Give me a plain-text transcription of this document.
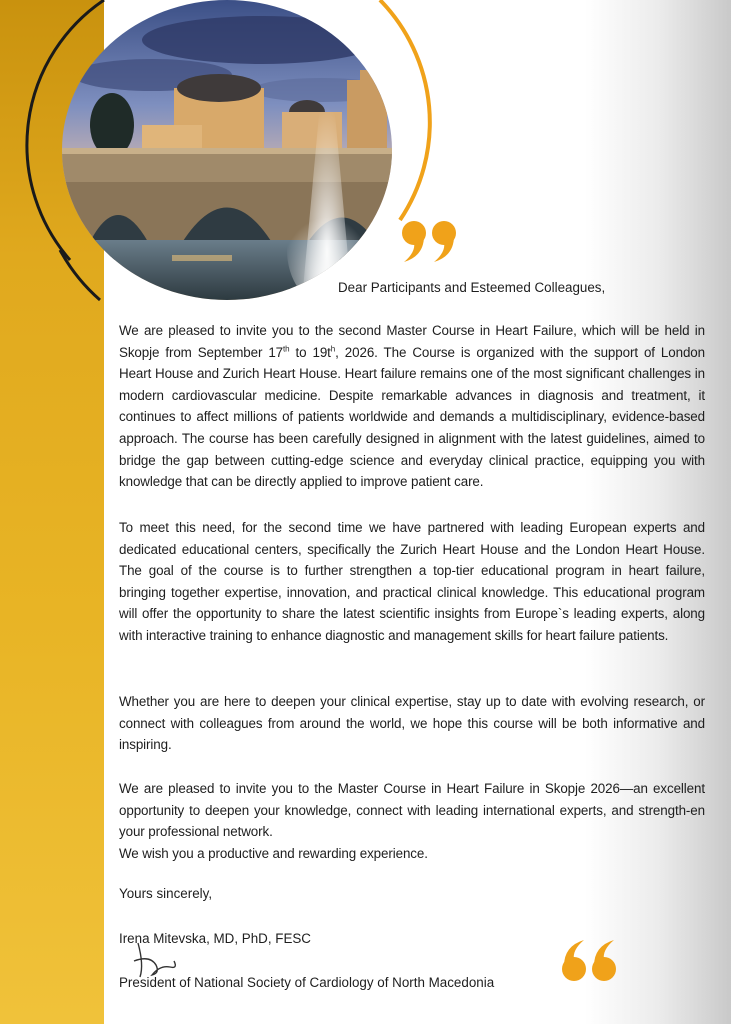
Dear Participants and Esteemed Colleagues,
We are pleased to invite you to the second Master Course in Heart Failure, which will be held in Skopje from September 17th to $19t^h$, 2026. The Course is organized with the support of London Heart House and Zurich Heart House. Heart failure remains one of the most significant challenges in modern cardiovascular medicine. Despite remarkable advances in diagnosis and treatment, it continues to affect millions of patients worldwide and demands a multidisciplinary, evidence-based approach. The course has been carefully designed in alignment with the latest guidelines, aimed to bridge the gap between cutting-edge science and everyday clinical practice, equipping you with knowledge that can be directly applied to improve patient care.
To meet this need, for the second time we have partnered with leading European experts and dedicated educational centers, specifically the Zurich Heart House and the London Heart House. The goal of the course is to further strengthen a top-tier educational program in heart failure, bringing together expertise, innovation, and practical clinical knowledge. This educational program will offer the opportunity to share the latest scientific insights from Europe`s leading experts, along with interactive training to enhance diagnostic and management skills for heart failure patients.
Whether you are here to deepen your clinical expertise, stay up to date with evolving research, or connect with colleagues from around the world, we hope this course will be both informative and inspiring.
We are pleased to invite you to the Master Course in Heart Failure in Skopje 2026—an excellent opportunity to deepen your knowledge, connect with leading international experts, and strength-en your professional network.
We wish you a productive and rewarding experience.
Yours sincerely,
Irena Mitevska, MD, PhD, FESC
President of National Society of Cardiology of North Macedonia
